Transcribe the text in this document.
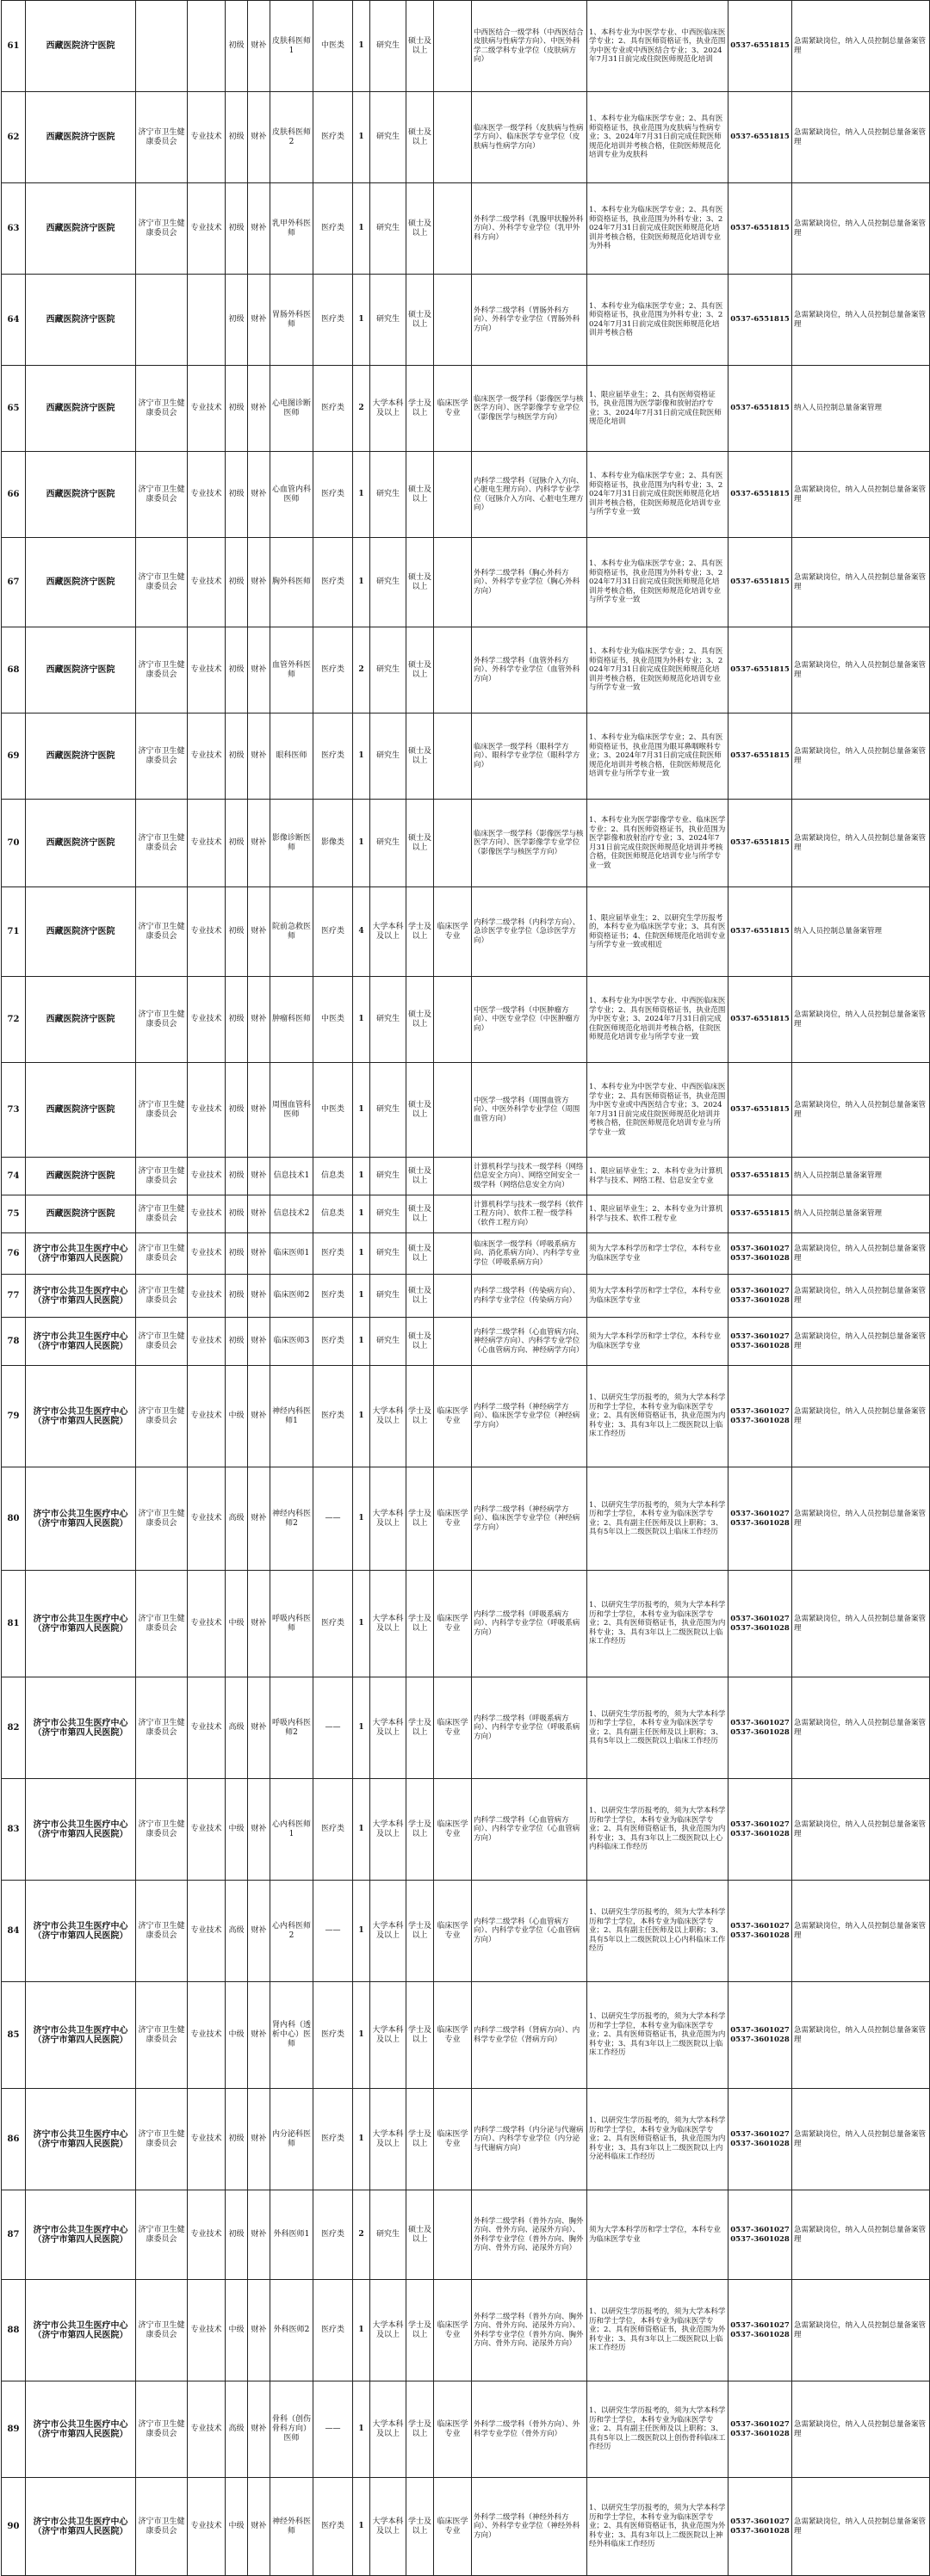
61	西藏医院济宁医院			初级	财补	皮肤科医师1	中医类	1	研究生	硕士及以上		中西医结合一级学科（中西医结合皮肤病与性病学方向）、中医外科学二级学科专业学位（皮肤病方向）	1、本科专业为中医学专业、中西医临床医学专业；2、具有医师资格证书，执业范围为中医专业或中西医结合专业；3、2024年7月31日前完成住院医师规范化培训	0537-6551815	急需紧缺岗位，纳入人员控制总量备案管理
62	西藏医院济宁医院	济宁市卫生健康委员会	专业技术	初级	财补	皮肤科医师2	医疗类	1	研究生	硕士及以上		临床医学一级学科（皮肤病与性病学方向）、临床医学专业学位（皮肤病与性病学方向）	1、本科专业为临床医学专业；2、具有医师资格证书，执业范围为皮肤病与性病专业；3、2024年7月31日前完成住院医师规范化培训并考核合格，住院医师规范化培训专业为皮肤科	0537-6551815	急需紧缺岗位，纳入人员控制总量备案管理
63	西藏医院济宁医院	济宁市卫生健康委员会	专业技术	初级	财补	乳甲外科医师	医疗类	1	研究生	硕士及以上		外科学二级学科（乳腺甲状腺外科方向）、外科学专业学位（乳甲外科方向）	1、本科专业为临床医学专业；2、具有医师资格证书，执业范围为外科专业；3、2024年7月31日前完成住院医师规范化培训并考核合格，住院医师规范化培训专业为外科	0537-6551815	急需紧缺岗位，纳入人员控制总量备案管理
64	西藏医院济宁医院			初级	财补	胃肠外科医师	医疗类	1	研究生	硕士及以上		外科学二级学科（胃肠外科方向）、外科学专业学位（胃肠外科方向）	1、本科专业为临床医学专业；2、具有医师资格证书，执业范围为外科专业；3、2024年7月31日前完成住院医师规范化培训并考核合格	0537-6551815	急需紧缺岗位，纳入人员控制总量备案管理
65	西藏医院济宁医院	济宁市卫生健康委员会	专业技术	初级	财补	心电图诊断医师	医疗类	2	大学本科及以上	学士及以上	临床医学专业	临床医学一级学科（影像医学与核医学方向）、医学影像学专业学位（影像医学与核医学方向）	1、限应届毕业生；2、具有医师资格证书，执业范围为医学影像和放射治疗专业；3、2024年7月31日前完成住院医师规范化培训	0537-6551815	纳入人员控制总量备案管理
66	西藏医院济宁医院	济宁市卫生健康委员会	专业技术	初级	财补	心血管内科医师	医疗类	1	研究生	硕士及以上		内科学二级学科（冠脉介入方向、心脏电生理方向）、内科学专业学位（冠脉介入方向、心脏电生理方向）	1、本科专业为临床医学专业；2、具有医师资格证书，执业范围为内科专业；3、2024年7月31日前完成住院医师规范化培训并考核合格，住院医师规范化培训专业与所学专业一致	0537-6551815	急需紧缺岗位，纳入人员控制总量备案管理
67	西藏医院济宁医院	济宁市卫生健康委员会	专业技术	初级	财补	胸外科医师	医疗类	1	研究生	硕士及以上		外科学二级学科（胸心外科方向）、外科学专业学位（胸心外科方向）	1、本科专业为临床医学专业；2、具有医师资格证书，执业范围为外科专业；3、2024年7月31日前完成住院医师规范化培训并考核合格，住院医师规范化培训专业与所学专业一致	0537-6551815	急需紧缺岗位，纳入人员控制总量备案管理
68	西藏医院济宁医院	济宁市卫生健康委员会	专业技术	初级	财补	血管外科医师	医疗类	2	研究生	硕士及以上		外科学二级学科（血管外科方向）、外科学专业学位（血管外科方向）	1、本科专业为临床医学专业；2、具有医师资格证书，执业范围为外科专业；3、2024年7月31日前完成住院医师规范化培训并考核合格，住院医师规范化培训专业与所学专业一致	0537-6551815	急需紧缺岗位，纳入人员控制总量备案管理
69	西藏医院济宁医院	济宁市卫生健康委员会	专业技术	初级	财补	眼科医师	医疗类	1	研究生	硕士及以上		临床医学一级学科（眼科学方向）、眼科学专业学位（眼科学方向）	1、本科专业为临床医学专业；2、具有医师资格证书，执业范围为眼耳鼻咽喉科专业；3、2024年7月31日前完成住院医师规范化培训并考核合格，住院医师规范化培训专业与所学专业一致	0537-6551815	急需紧缺岗位，纳入人员控制总量备案管理
70	西藏医院济宁医院	济宁市卫生健康委员会	专业技术	初级	财补	影像诊断医师	影像类	1	研究生	硕士及以上		临床医学一级学科（影像医学与核医学方向）、医学影像学专业学位（影像医学与核医学方向）	1、本科专业为医学影像学专业、临床医学专业；2、具有医师资格证书，执业范围为医学影像和放射治疗专业；3、2024年7月31日前完成住院医师规范化培训并考核合格，住院医师规范化培训专业与所学专业一致	0537-6551815	急需紧缺岗位，纳入人员控制总量备案管理
71	西藏医院济宁医院	济宁市卫生健康委员会	专业技术	初级	财补	院前急救医师	医疗类	4	大学本科及以上	学士及以上	临床医学专业	内科学二级学科（内科学方向）、急诊医学专业学位（急诊医学方向）	1、限应届毕业生；2、以研究生学历报考的，本科专业为临床医学专业；3、具有医师资格证书；4、住院医师规范化培训专业与所学专业一致或相近	0537-6551815	纳入人员控制总量备案管理
72	西藏医院济宁医院	济宁市卫生健康委员会	专业技术	初级	财补	肿瘤科医师	中医类	1	研究生	硕士及以上		中医学一级学科（中医肿瘤方向）、中医专业学位（中医肿瘤方向）	1、本科专业为中医学专业、中西医临床医学专业；2、具有医师资格证书，执业范围为中医专业；3、2024年7月31日前完成住院医师规范化培训并考核合格，住院医师规范化培训专业与所学专业一致	0537-6551815	急需紧缺岗位，纳入人员控制总量备案管理
73	西藏医院济宁医院	济宁市卫生健康委员会	专业技术	初级	财补	周围血管科医师	中医类	1	研究生	硕士及以上		中医学一级学科（周围血管方向）、中医外科学专业学位（周围血管方向）	1、本科专业为中医学专业、中西医临床医学专业；2、具有医师资格证书，执业范围为中医专业或中西医结合专业；3、2024年7月31日前完成住院医师规范化培训并考核合格，住院医师规范化培训专业与所学专业一致	0537-6551815	急需紧缺岗位，纳入人员控制总量备案管理
74	西藏医院济宁医院	济宁市卫生健康委员会	专业技术	初级	财补	信息技术1	信息类	1	研究生	硕士及以上		计算机科学与技术一级学科（网络信息安全方向）、网络空间安全一级学科（网络信息安全方向）	1、限应届毕业生；2、本科专业为计算机科学与技术、网络工程、信息安全专业	0537-6551815	纳入人员控制总量备案管理
75	西藏医院济宁医院	济宁市卫生健康委员会	专业技术	初级	财补	信息技术2	信息类	1	研究生	硕士及以上		计算机科学与技术一级学科（软件工程方向）、软件工程一级学科（软件工程方向）	1、限应届毕业生；2、本科专业为计算机科学与技术、软件工程专业	0537-6551815	纳入人员控制总量备案管理
76	济宁市公共卫生医疗中心（济宁市第四人民医院）	济宁市卫生健康委员会	专业技术	初级	财补	临床医师1	医疗类	1	研究生	硕士及以上		临床医学一级学科（呼吸系病方向、消化系病方向）、内科学专业学位（呼吸系病方向）	须为大学本科学历和学士学位，本科专业为临床医学专业	0537-3601027 0537-3601028	急需紧缺岗位，纳入人员控制总量备案管理
77	济宁市公共卫生医疗中心（济宁市第四人民医院）	济宁市卫生健康委员会	专业技术	初级	财补	临床医师2	医疗类	1	研究生	硕士及以上		内科学二级学科（传染病方向）、内科学专业学位（传染病方向）	须为大学本科学历和学士学位，本科专业为临床医学专业	0537-3601027 0537-3601028	急需紧缺岗位，纳入人员控制总量备案管理
78	济宁市公共卫生医疗中心（济宁市第四人民医院）	济宁市卫生健康委员会	专业技术	初级	财补	临床医师3	医疗类	1	研究生	硕士及以上		内科学二级学科（心血管病方向、神经病学方向）、内科学专业学位（心血管病方向、神经病学方向）	须为大学本科学历和学士学位，本科专业为临床医学专业	0537-3601027 0537-3601028	急需紧缺岗位，纳入人员控制总量备案管理
79	济宁市公共卫生医疗中心（济宁市第四人民医院）	济宁市卫生健康委员会	专业技术	中级	财补	神经内科医师1	医疗类	1	大学本科及以上	学士及以上	临床医学专业	内科学二级学科（神经病学方向）、临床医学专业学位（神经病学方向）	1、以研究生学历报考的，须为大学本科学历和学士学位，本科专业为临床医学专业；2、具有医师资格证书，执业范围为内科专业；3、具有3年以上二级医院以上临床工作经历	0537-3601027 0537-3601028	急需紧缺岗位，纳入人员控制总量备案管理
80	济宁市公共卫生医疗中心（济宁市第四人民医院）	济宁市卫生健康委员会	专业技术	高级	财补	神经内科医师2	——	1	大学本科及以上	学士及以上	临床医学专业	内科学二级学科（神经病学方向）、临床医学专业学位（神经病学方向）	1、以研究生学历报考的，须为大学本科学历和学士学位，本科专业为临床医学专业；2、具有副主任医师及以上职称；3、具有5年以上二级医院以上临床工作经历	0537-3601027 0537-3601028	急需紧缺岗位，纳入人员控制总量备案管理
81	济宁市公共卫生医疗中心（济宁市第四人民医院）	济宁市卫生健康委员会	专业技术	中级	财补	呼吸内科医师	医疗类	1	大学本科及以上	学士及以上	临床医学专业	内科学二级学科（呼吸系病方向）、内科学专业学位（呼吸系病方向）	1、以研究生学历报考的，须为大学本科学历和学士学位，本科专业为临床医学专业；2、具有医师资格证书，执业范围为内科专业；3、具有3年以上二级医院以上临床工作经历	0537-3601027 0537-3601028	急需紧缺岗位，纳入人员控制总量备案管理
82	济宁市公共卫生医疗中心（济宁市第四人民医院）	济宁市卫生健康委员会	专业技术	高级	财补	呼吸内科医师2	——	1	大学本科及以上	学士及以上	临床医学专业	内科学二级学科（呼吸系病方向）、内科学专业学位（呼吸系病方向）	1、以研究生学历报考的，须为大学本科学历和学士学位，本科专业为临床医学专业；2、具有副主任医师及以上职称；3、具有5年以上二级医院以上临床工作经历	0537-3601027 0537-3601028	急需紧缺岗位，纳入人员控制总量备案管理
83	济宁市公共卫生医疗中心（济宁市第四人民医院）	济宁市卫生健康委员会	专业技术	中级	财补	心内科医师1	医疗类	1	大学本科及以上	学士及以上	临床医学专业	内科学二级学科（心血管病方向）、内科学专业学位（心血管病方向）	1、以研究生学历报考的，须为大学本科学历和学士学位，本科专业为临床医学专业；2、具有医师资格证书，执业范围为内科专业；3、具有3年以上二级医院以上心内科临床工作经历	0537-3601027 0537-3601028	急需紧缺岗位，纳入人员控制总量备案管理
84	济宁市公共卫生医疗中心（济宁市第四人民医院）	济宁市卫生健康委员会	专业技术	高级	财补	心内科医师2	——	1	大学本科及以上	学士及以上	临床医学专业	内科学二级学科（心血管病方向）、内科学专业学位（心血管病方向）	1、以研究生学历报考的，须为大学本科学历和学士学位，本科专业为临床医学专业；2、具有副主任医师及以上职称；3、具有5年以上二级医院以上心内科临床工作经历	0537-3601027 0537-3601028	急需紧缺岗位，纳入人员控制总量备案管理
85	济宁市公共卫生医疗中心（济宁市第四人民医院）	济宁市卫生健康委员会	专业技术	中级	财补	肾内科（透析中心）医师	医疗类	1	大学本科及以上	学士及以上	临床医学专业	内科学二级学科（肾病方向）、内科学专业学位（肾病方向）	1、以研究生学历报考的，须为大学本科学历和学士学位，本科专业为临床医学专业；2、具有医师资格证书，执业范围为内科专业；3、具有3年以上二级医院以上临床工作经历	0537-3601027 0537-3601028	急需紧缺岗位，纳入人员控制总量备案管理
86	济宁市公共卫生医疗中心（济宁市第四人民医院）	济宁市卫生健康委员会	专业技术	初级	财补	内分泌科医师	医疗类	1	大学本科及以上	学士及以上	临床医学专业	内科学二级学科（内分泌与代谢病方向）、内科学专业学位（内分泌与代谢病方向）	1、以研究生学历报考的，须为大学本科学历和学士学位，本科专业为临床医学专业；2、具有医师资格证书，执业范围为内科专业；3、具有3年以上二级医院以上内分泌科临床工作经历	0537-3601027 0537-3601028	急需紧缺岗位，纳入人员控制总量备案管理
87	济宁市公共卫生医疗中心（济宁市第四人民医院）	济宁市卫生健康委员会	专业技术	初级	财补	外科医师1	医疗类	2	研究生	硕士及以上		外科学二级学科（普外方向、胸外方向、骨外方向、泌尿外方向）、外科学专业学位（普外方向、胸外方向、骨外方向、泌尿外方向）	须为大学本科学历和学士学位，本科专业为临床医学专业	0537-3601027 0537-3601028	急需紧缺岗位，纳入人员控制总量备案管理
88	济宁市公共卫生医疗中心（济宁市第四人民医院）	济宁市卫生健康委员会	专业技术	中级	财补	外科医师2	医疗类	1	大学本科及以上	学士及以上	临床医学专业	外科学二级学科（普外方向、胸外方向、骨外方向、泌尿外方向）、外科学专业学位（普外方向、胸外方向、骨外方向、泌尿外方向）	1、以研究生学历报考的，须为大学本科学历和学士学位，本科专业为临床医学专业；2、具有医师资格证书，执业范围为外科专业；3、具有3年以上二级医院以上临床工作经历	0537-3601027 0537-3601028	急需紧缺岗位，纳入人员控制总量备案管理
89	济宁市公共卫生医疗中心（济宁市第四人民医院）	济宁市卫生健康委员会	专业技术	高级	财补	骨科（创伤骨科方向）医师	——	1	大学本科及以上	学士及以上	临床医学专业	外科学二级学科（骨外方向）、外科学专业学位（骨外方向）	1、以研究生学历报考的，须为大学本科学历和学士学位，本科专业为临床医学专业；2、具有副主任医师及以上职称；3、具有5年以上二级医院以上创伤骨科临床工作经历	0537-3601027 0537-3601028	急需紧缺岗位，纳入人员控制总量备案管理
90	济宁市公共卫生医疗中心（济宁市第四人民医院）	济宁市卫生健康委员会	专业技术	中级	财补	神经外科医师	医疗类	1	大学本科及以上	学士及以上	临床医学专业	外科学二级学科（神经外科方向）、外科学专业学位（神经外科方向）	1、以研究生学历报考的，须为大学本科学历和学士学位，本科专业为临床医学专业；2、具有医师资格证书，执业范围为外科专业；3、具有3年以上二级医院以上神经外科临床工作经历	0537-3601027 0537-3601028	急需紧缺岗位，纳入人员控制总量备案管理
